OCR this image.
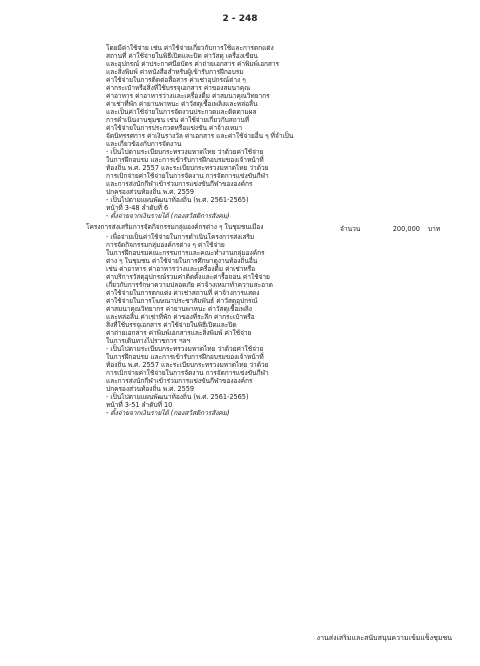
2 - 248
โดยมีค่าใช้จ่าย เช่น ค่าใช้จ่ายเกี่ยวกับการใช้และการตกแต่ง
สถานที่ ค่าใช้จ่ายในพิธีเปิดและปิด ค่าวัสดุ เครื่องเขียน
และอุปกรณ์ ค่าประกาศนียบัตร ค่าถ่ายเอกสาร ค่าพิมพ์เอกสาร
และสิ่งพิมพ์ ค่าหนังสือสำหรับผู้เข้ารับการฝึกอบรม
ค่าใช้จ่ายในการติดต่อสื่อสาร ค่าเช่าอุปกรณ์ต่าง ๆ
ค่ากระเป๋าหรือสิ่งที่ใช้บรรจุเอกสาร ค่าของสมนาคุณ
ค่าอาหาร ค่าอาหารว่างและเครื่องดื่ม ค่าสมนาคุณวิทยากร
ค่าเช่าที่พัก ค่ายานพาหนะ ค่าวัสดุเชื้อเพลิงและหล่อลื่น
และเป็นค่าใช้จ่ายในการจัดงานประกวดและติดตามผล
การดำเนินงานชุมชน เช่น ค่าใช้จ่ายเกี่ยวกับสถานที่
ค่าใช้จ่ายในการประกวดหรือแข่งขัน ค่าจ้างเหมา
จัดนิทรรศการ ค่าเงินรางวัล ค่าเอกสาร และค่าใช้จ่ายอื่น ๆ ที่จำเป็น
และเกี่ยวข้องกับการจัดงาน
- เป็นไปตามระเบียบกระทรวงมหาดไทย ว่าด้วยค่าใช้จ่าย
ในการฝึกอบรม และการเข้ารับการฝึกอบรมของเจ้าหน้าที่
ท้องถิ่น พ.ศ. 2557 และระเบียบกระทรวงมหาดไทย ว่าด้วย
การเบิกจ่ายค่าใช้จ่ายในการจัดงาน การจัดการแข่งขันกีฬา
และการส่งนักกีฬาเข้าร่วมการแข่งขันกีฬาขององค์กร
ปกครองส่วนท้องถิ่น พ.ศ. 2559
- เป็นไปตามแผนพัฒนาท้องถิ่น (พ.ศ. 2561-2565)
หน้าที่ 3-48 ลำดับที่ 6
- ตั้งจ่ายจากเงินรายได้ (กองสวัสดิการสังคม)
โครงการส่งเสริมการจัดกิจกรรมกลุ่มองค์กรต่าง ๆ ในชุมชนเมือง	จำนวน	200,000 บาท
- เพื่อจ่ายเป็นค่าใช้จ่ายในการดำเนินโครงการส่งเสริม
การจัดกิจกรรมกลุ่มองค์กรต่าง ๆ ค่าใช้จ่าย
ในการฝึกอบรมคณะกรรมการและคณะทำงานกลุ่มองค์กร
ต่าง ๆ ในชุมชน ค่าใช้จ่ายในการศึกษาดูงานท้องถิ่นอื่น
เช่น ค่าอาหาร ค่าอาหารว่างและเครื่องดื่ม ค่าเช่าหรือ
ค่าบริการวัสดุอุปกรณ์รวมค่าติดตั้งและค่ารื้อถอน ค่าใช้จ่าย
เกี่ยวกับการรักษาความปลอดภัย ค่าจ้างเหมาทำความสะอาด
ค่าใช้จ่ายในการตกแต่ง ค่าเช่าสถานที่ ค่าจ้างการแสดง
ค่าใช้จ่ายในการโฆษณาประชาสัมพันธ์ ค่าวัสดุอุปกรณ์
ค่าสมนาคุณวิทยากร ค่ายานพาหนะ ค่าวัสดุเชื้อเพลิง
และหล่อลื่น ค่าเช่าที่พัก ค่าของที่ระลึก ค่ากระเป๋าหรือ
สิ่งที่ใช้บรรจุเอกสาร ค่าใช้จ่ายในพิธีเปิดและปิด
ค่าถ่ายเอกสาร ค่าพิมพ์เอกสารและสิ่งพิมพ์ ค่าใช้จ่าย
ในการเดินทางไปราชการ ฯลฯ
- เป็นไปตามระเบียบกระทรวงมหาดไทย ว่าด้วยค่าใช้จ่าย
ในการฝึกอบรม และการเข้ารับการฝึกอบรมของเจ้าหน้าที่
ท้องถิ่น พ.ศ. 2557 และระเบียบกระทรวงมหาดไทย ว่าด้วย
การเบิกจ่ายค่าใช้จ่ายในการจัดงาน การจัดการแข่งขันกีฬา
และการส่งนักกีฬาเข้าร่วมการแข่งขันกีฬาขององค์กร
ปกครองส่วนท้องถิ่น พ.ศ. 2559
- เป็นไปตามแผนพัฒนาท้องถิ่น (พ.ศ. 2561-2565)
หน้าที่ 3-51 ลำดับที่ 10
- ตั้งจ่ายจากเงินรายได้ (กองสวัสดิการสังคม)
งานส่งเสริมและสนับสนุนความเข้มแข็งชุมชน
